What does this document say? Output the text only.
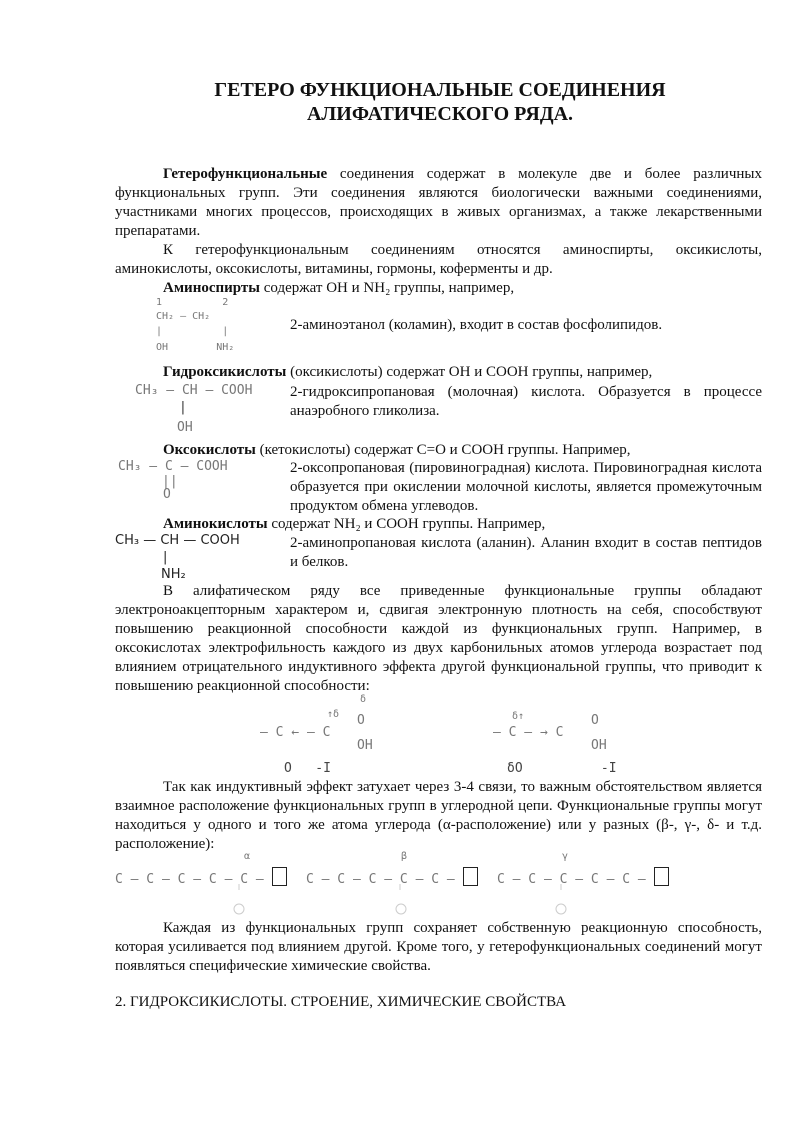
ГЕТЕРО ФУНКЦИОНАЛЬНЫЕ СОЕДИНЕНИЯ
АЛИФАТИЧЕСКОГО РЯДА.

Гетерофункциональные соединения содержат в молекуле две и более различных функциональных групп. Эти соединения являются биологически важными соединениями, участниками многих процессов, происходящих в живых организмах, а также лекарственными препаратами.

К гетерофункциональным соединениям относятся аминоспирты, оксикислоты, аминокислоты, оксокислоты, витамины, гормоны, коферменты и др.

Аминоспирты содержат OH и NH₂ группы, например,

1          2
CH₂ — CH₂
|          |
OH        NH₂

2-аминоэтанол (коламин), входит в состав фосфолипидов.

Гидроксикислоты (оксикислоты) содержат OH и COOH группы, например,

CH₃ — CH — COOH
|
OH

2-гидроксипропановая (молочная) кислота. Образуется в процессе анаэробного гликолиза.

Оксокислоты (кетокислоты) содержат C=O и COOH группы. Например,

CH₃ — C — COOH
||
O

2-оксопропановая (пировиноградная) кислота. Пировиноградная кислота образуется при окислении молочной кислоты, является промежуточным продуктом обмена углеводов.

Аминокислоты содержат NH₂ и COOH группы. Например,

CH₃ — CH — COOH
|
NH₂

2-аминопропановая кислота (аланин). Аланин входит в состав пептидов и белков.

В алифатическом ряду все приведенные функциональные группы обладают электроноакцепторным характером и, сдвигая электронную плотность на себя, способствуют повышению реакционной способности каждой из функциональных групп. Например, в оксокислотах электрофильность каждого из двух карбонильных атомов углерода возрастает под влиянием отрицательного индуктивного эффекта другой функциональной группы, что приводит к повышению реакционной способности:

δ
↑δ
— C ← — C
O
OH
O   -I
δ↑
— C — → C
O
OH
δO          -I

Так как индуктивный эффект затухает через 3-4 связи, то важным обстоятельством является взаимное расположение функциональных групп в углеродной цепи. Функциональные группы могут находиться у одного и того же атома углерода (α-расположение) или у разных (β-, γ-, δ- и т.д. расположение):

α	β	γ
C — C — C — C — C —	C — C — C — C — C —	C — C — C — C — C —

Каждая из функциональных групп сохраняет собственную реакционную способность, которая усиливается под влиянием другой. Кроме того, у гетерофункциональных соединений могут появляться специфические химические свойства.

2. ГИДРОКСИКИСЛОТЫ. СТРОЕНИЕ, ХИМИЧЕСКИЕ СВОЙСТВА
